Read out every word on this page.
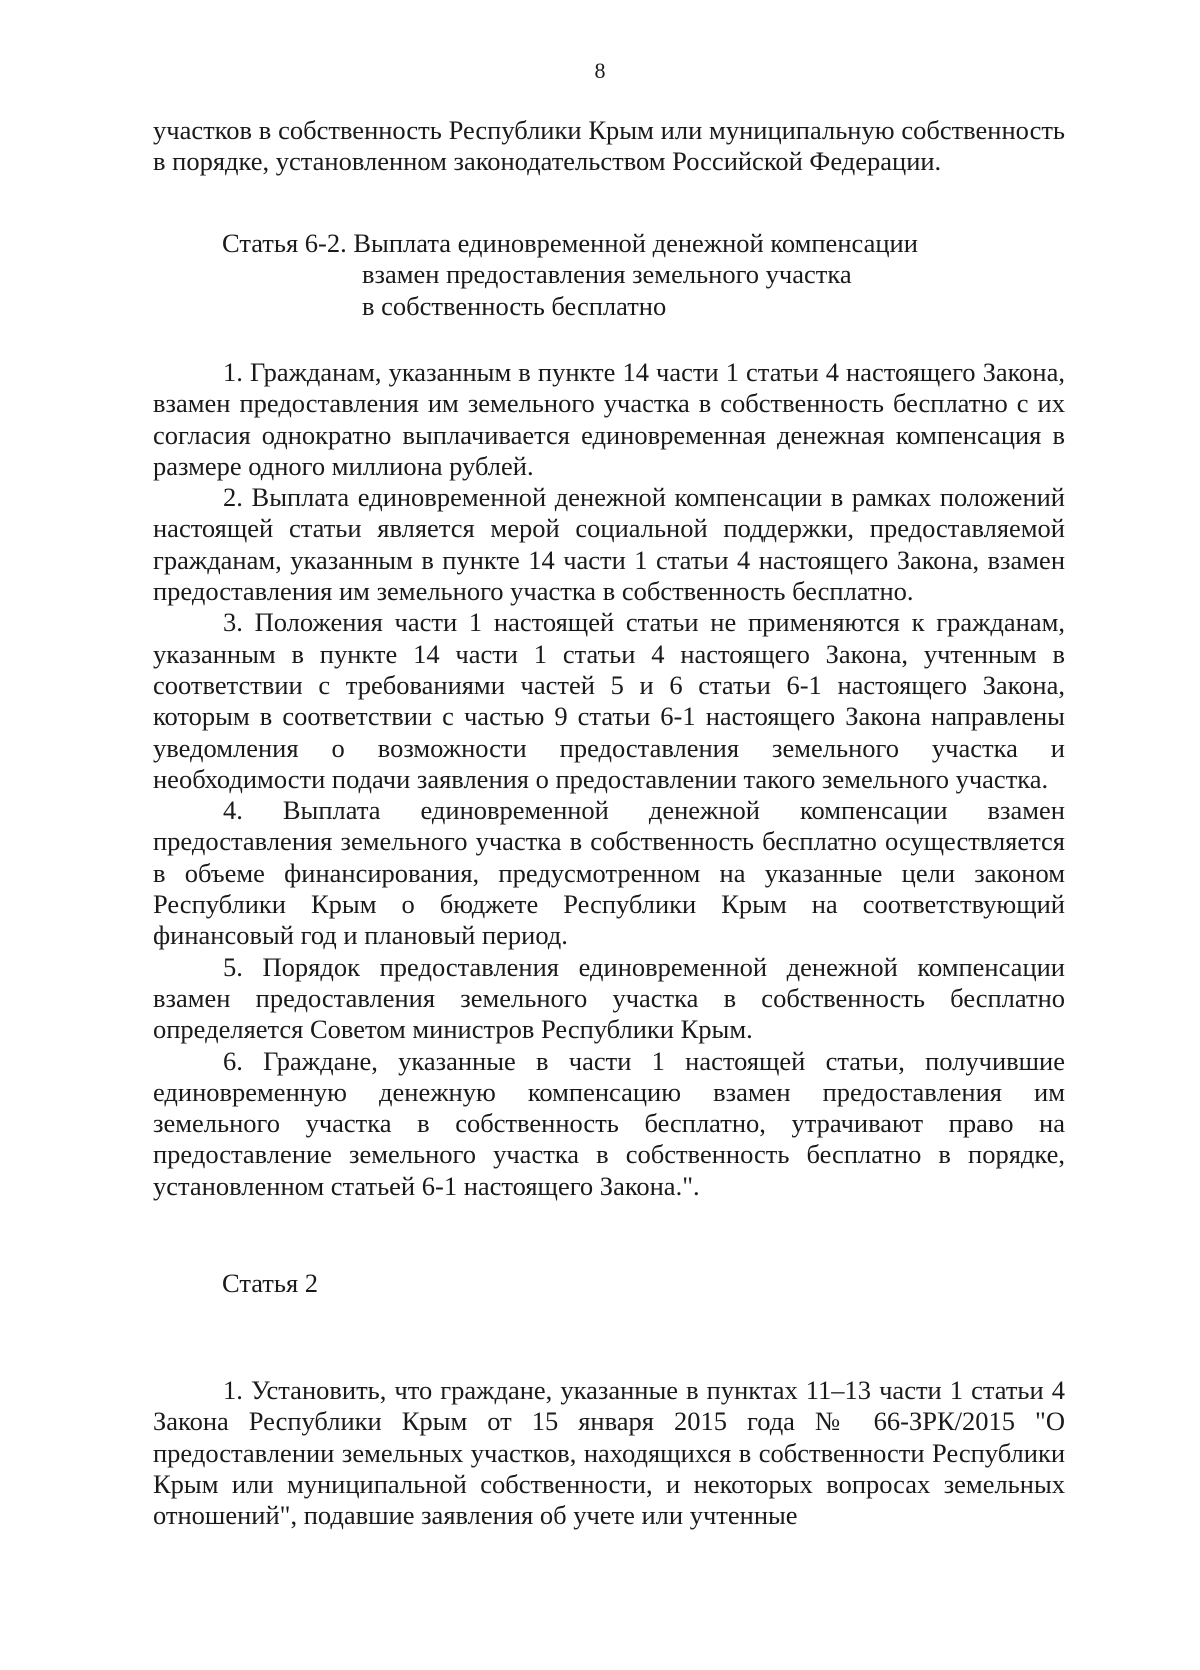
8

участков в собственность Республики Крым или муниципальную собственность в порядке, установленном законодательством Российской Федерации.

Статья 6-2. Выплата единовременной денежной компенсации
взамен предоставления земельного участка
в собственность бесплатно

1. Гражданам, указанным в пункте 14 части 1 статьи 4 настоящего Закона, взамен предоставления им земельного участка в собственность бесплатно с их согласия однократно выплачивается единовременная денежная компенсация в размере одного миллиона рублей.

2. Выплата единовременной денежной компенсации в рамках положений настоящей статьи является мерой социальной поддержки, предоставляемой гражданам, указанным в пункте 14 части 1 статьи 4 настоящего Закона, взамен предоставления им земельного участка в собственность бесплатно.

3. Положения части 1 настоящей статьи не применяются к гражданам, указанным в пункте 14 части 1 статьи 4 настоящего Закона, учтенным в соответствии с требованиями частей 5 и 6 статьи 6-1 настоящего Закона, которым в соответствии с частью 9 статьи 6-1 настоящего Закона направлены уведомления о возможности предоставления земельного участка и необходимости подачи заявления о предоставлении такого земельного участка.

4. Выплата единовременной денежной компенсации взамен предоставления земельного участка в собственность бесплатно осуществляется в объеме финансирования, предусмотренном на указанные цели законом Республики Крым о бюджете Республики Крым на соответствующий финансовый год и плановый период.

5. Порядок предоставления единовременной денежной компенсации взамен предоставления земельного участка в собственность бесплатно определяется Советом министров Республики Крым.

6. Граждане, указанные в части 1 настоящей статьи, получившие единовременную денежную компенсацию взамен предоставления им земельного участка в собственность бесплатно, утрачивают право на предоставление земельного участка в собственность бесплатно в порядке, установленном статьей 6-1 настоящего Закона.".

Статья 2

1. Установить, что граждане, указанные в пунктах 11–13 части 1 статьи 4 Закона Республики Крым от 15 января 2015 года № 66-ЗРК/2015 "О предоставлении земельных участков, находящихся в собственности Республики Крым или муниципальной собственности, и некоторых вопросах земельных отношений", подавшие заявления об учете или учтенные
